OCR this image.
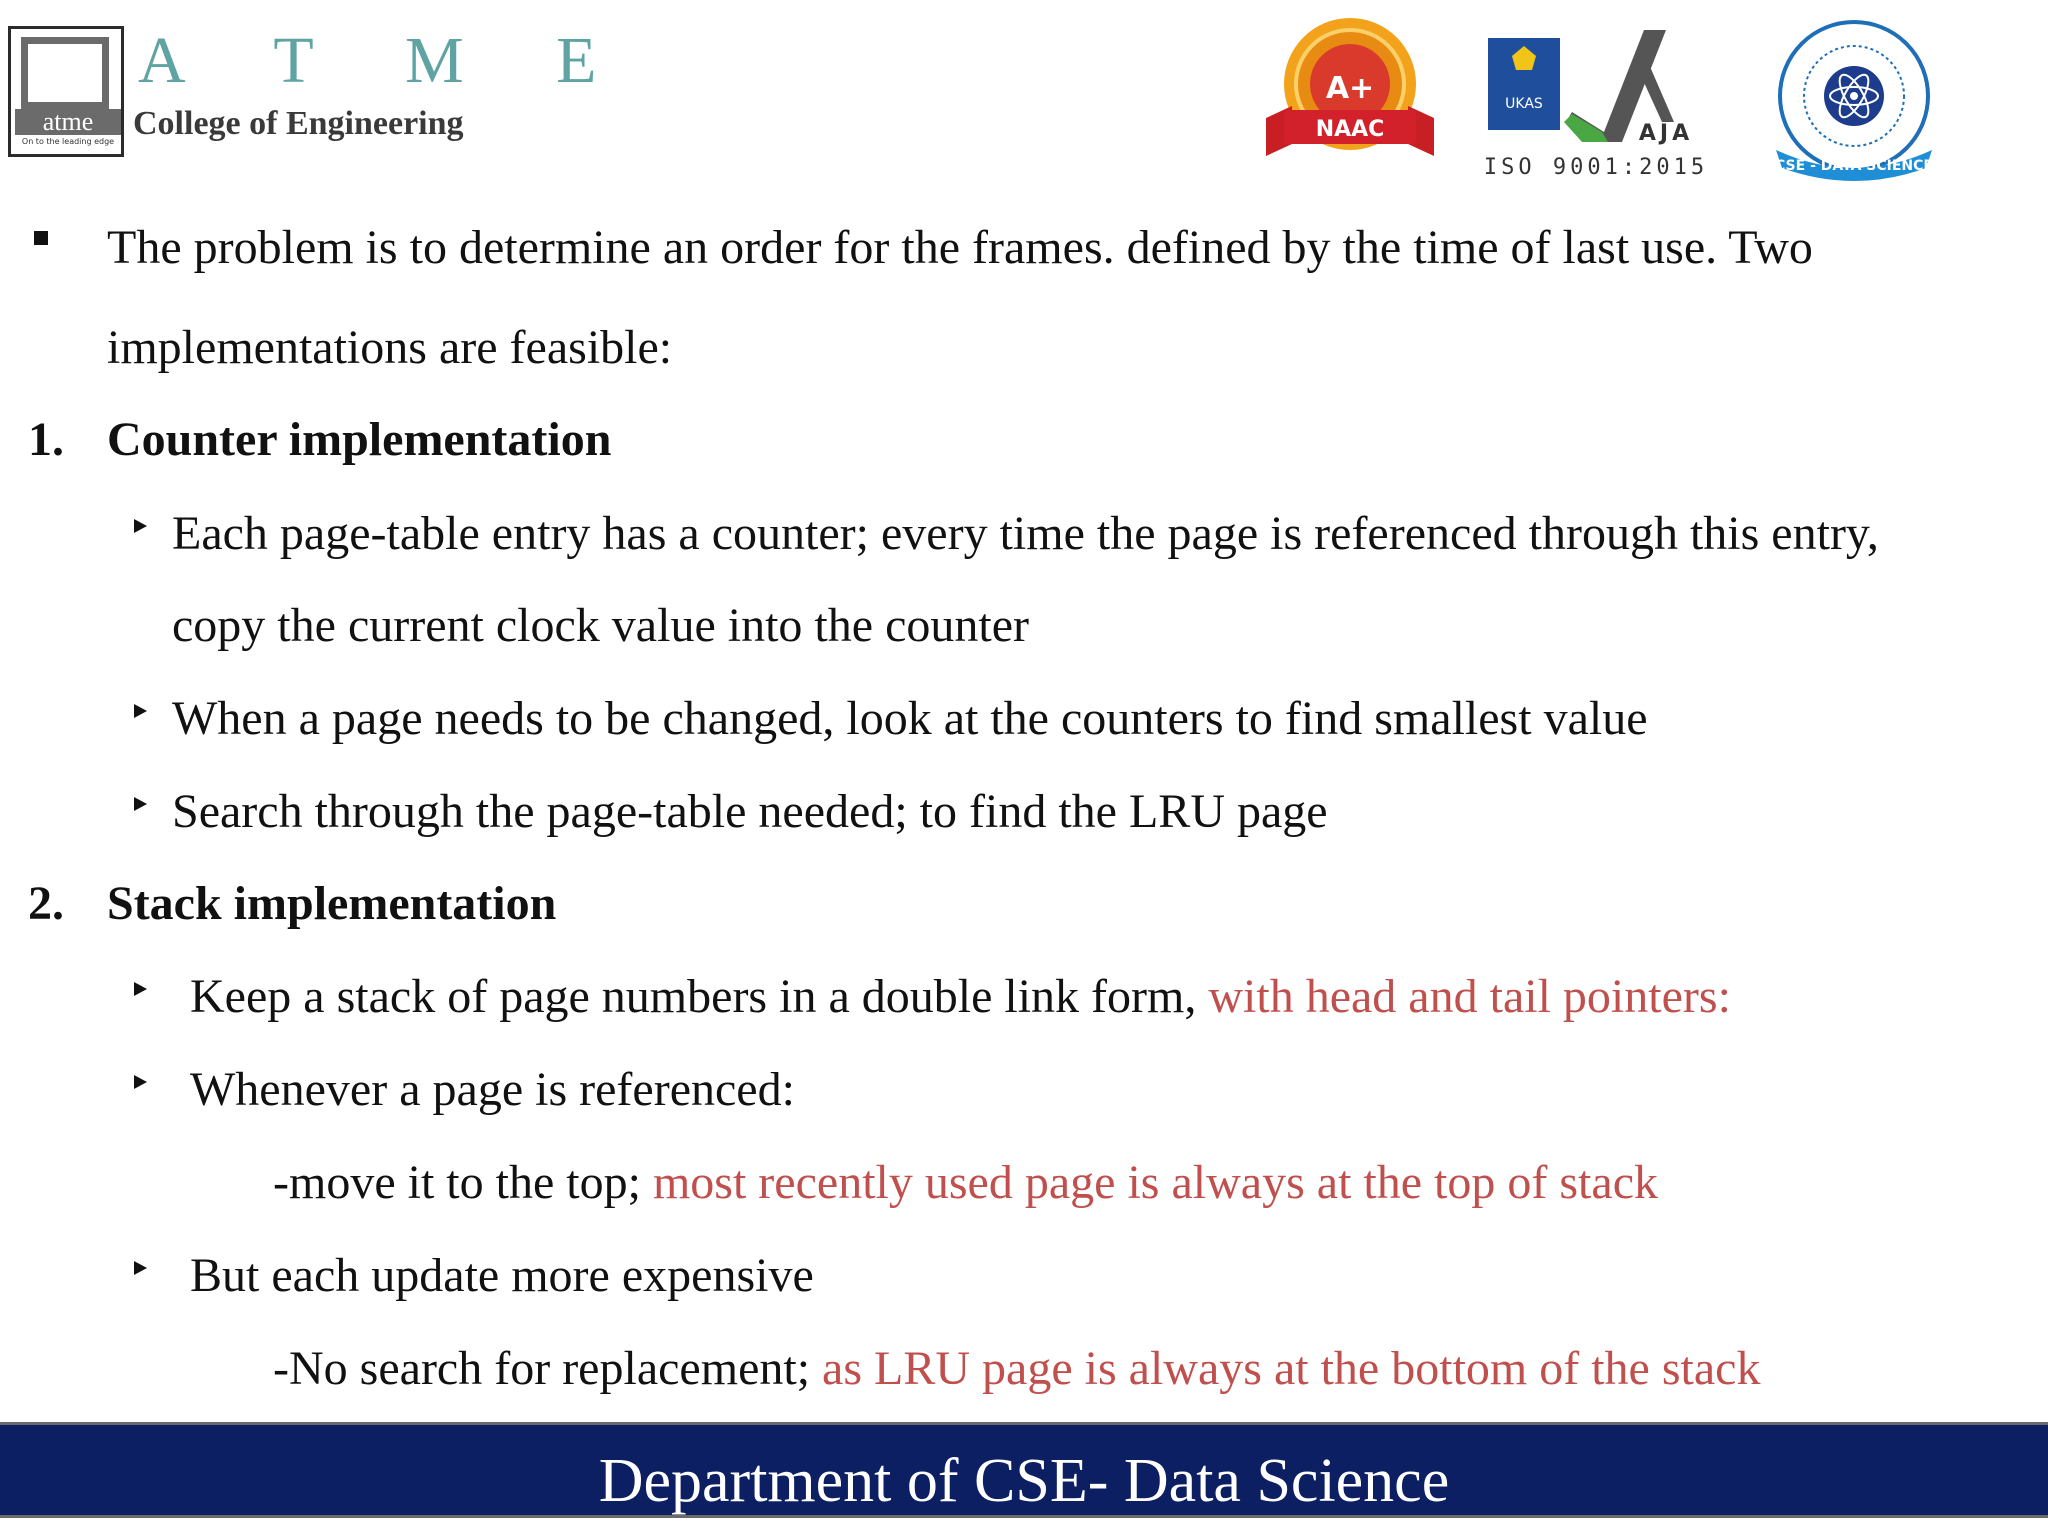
atme
On to the leading edge
A T M E
College of Engineering
A+
NAAC
UKAS
AJA
ISO 9001:2015	CSE - DATA SCIENCE
The problem is to determine an order for the frames. defined by the time of last use. Two
implementations are feasible:
1. Counter implementation
Each page-table entry has a counter; every time the page is referenced through this entry,
copy the current clock value into the counter
When a page needs to be changed, look at the counters to find smallest value
Search through the page-table needed; to find the LRU page
2. Stack implementation
Keep a stack of page numbers in a double link form, with head and tail pointers:
Whenever a page is referenced:
-move it to the top; most recently used page is always at the top of stack
But each update more expensive
-No search for replacement; as LRU page is always at the bottom of the stack
Department of CSE- Data Science
